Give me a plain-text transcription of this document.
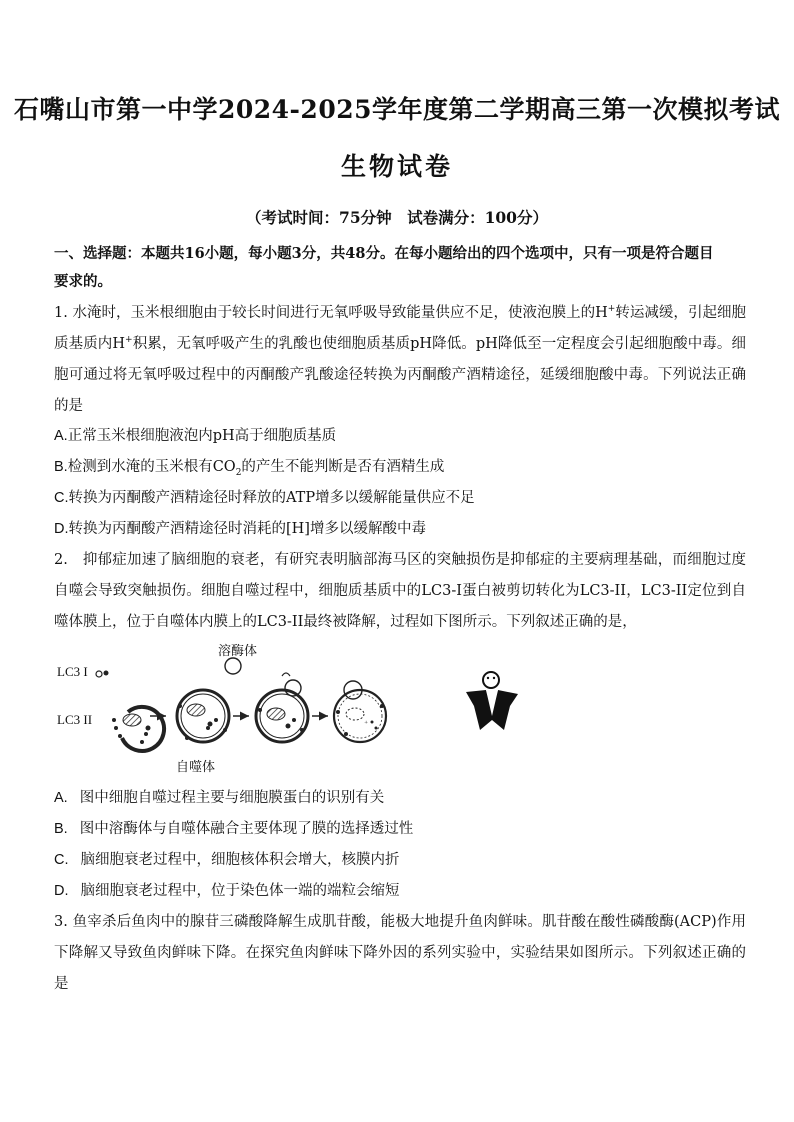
石嘴山市第一中学2024-2025学年度第二学期高三第一次模拟考试
生物试卷
（考试时间：75分钟　试卷满分：100分）
一、选择题：本题共16小题，每小题3分，共48分。在每小题给出的四个选项中，只有一项是符合题目
要求的。
1. 水淹时，玉米根细胞由于较长时间进行无氧呼吸导致能量供应不足，使液泡膜上的H+转运减缓，引起细胞质基质内H+积累，无氧呼吸产生的乳酸也使细胞质基质pH降低。pH降低至一定程度会引起细胞酸中毒。细胞可通过将无氧呼吸过程中的丙酮酸产乳酸途径转换为丙酮酸产酒精途径，延缓细胞酸中毒。下列说法正确的是
A.正常玉米根细胞液泡内pH高于细胞质基质
B.检测到水淹的玉米根有$CO_2$的产生不能判断是否有酒精生成
C.转换为丙酮酸产酒精途径时释放的ATP增多以缓解能量供应不足
D.转换为丙酮酸产酒精途径时消耗的[H]增多以缓解酸中毒
2.　抑郁症加速了脑细胞的衰老，有研究表明脑部海马区的突触损伤是抑郁症的主要病理基础，而细胞过度自噬会导致突触损伤。细胞自噬过程中，细胞质基质中的LC3-I蛋白被剪切转化为LC3-II，LC3-II定位到自噬体膜上，位于自噬体内膜上的LC3-II最终被降解，过程如下图所示。下列叙述正确的是，
⁺
溶酶体
LC3 I
LC3 II
自噬体
A. 图中细胞自噬过程主要与细胞膜蛋白的识别有关
B. 图中溶酶体与自噬体融合主要体现了膜的选择透过性
C. 脑细胞衰老过程中，细胞核体积会增大，核膜内折
D. 脑细胞衰老过程中，位于染色体一端的端粒会缩短
3. 鱼宰杀后鱼肉中的腺苷三磷酸降解生成肌苷酸，能极大地提升鱼肉鲜味。肌苷酸在酸性磷酸酶(ACP)作用下降解又导致鱼肉鲜味下降。在探究鱼肉鲜味下降外因的系列实验中，实验结果如图所示。下列叙述正确的是
